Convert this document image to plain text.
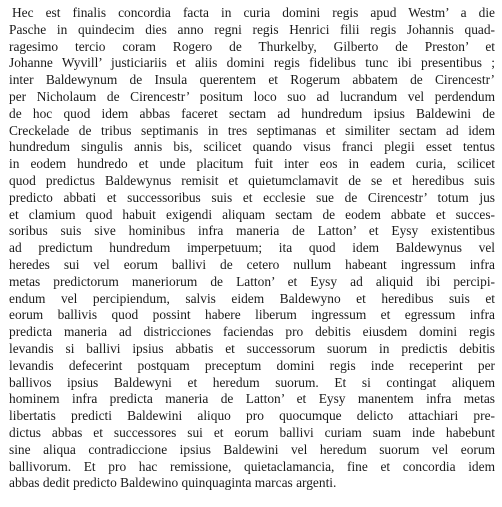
Hec est finalis concordia facta in curia domini regis apud Westm’ a die
Pasche in quindecim dies anno regni regis Henrici filii regis Johannis quad-
ragesimo tercio coram Rogero de Thurkelby, Gilberto de Preston’ et
Johanne Wyvill’ justiciariis et aliis domini regis fidelibus tunc ibi presentibus ;
inter Baldewynum de Insula querentem et Rogerum abbatem de Cirencestr’
per Nicholaum de Cirencestr’ positum loco suo ad lucrandum vel perdendum
de hoc quod idem abbas faceret sectam ad hundredum ipsius Baldewini de
Creckelade de tribus septimanis in tres septimanas et similiter sectam ad idem
hundredum singulis annis bis, scilicet quando visus franci plegii esset tentus
in eodem hundredo et unde placitum fuit inter eos in eadem curia, scilicet
quod predictus Baldewynus remisit et quietumclamavit de se et heredibus suis
predicto abbati et successoribus suis et ecclesie sue de Cirencestr’ totum jus
et clamium quod habuit exigendi aliquam sectam de eodem abbate et succes-
soribus suis sive hominibus infra maneria de Latton’ et Eysy existentibus
ad predictum hundredum imperpetuum; ita quod idem Baldewynus vel
heredes sui vel eorum ballivi de cetero nullum habeant ingressum infra
metas predictorum maneriorum de Latton’ et Eysy ad aliquid ibi percipi-
endum vel percipiendum, salvis eidem Baldewyno et heredibus suis et
eorum ballivis quod possint habere liberum ingressum et egressum infra
predicta maneria ad districciones faciendas pro debitis eiusdem domini regis
levandis si ballivi ipsius abbatis et successorum suorum in predictis debitis
levandis defecerint postquam preceptum domini regis inde receperint per
ballivos ipsius Baldewyni et heredum suorum. Et si contingat aliquem
hominem infra predicta maneria de Latton’ et Eysy manentem infra metas
libertatis predicti Baldewini aliquo pro quocumque delicto attachiari pre-
dictus abbas et successores sui et eorum ballivi curiam suam inde habebunt
sine aliqua contradiccione ipsius Baldewini vel heredum suorum vel eorum
ballivorum. Et pro hac remissione, quietaclamancia, fine et concordia idem
abbas dedit predicto Baldewino quinquaginta marcas argenti.
